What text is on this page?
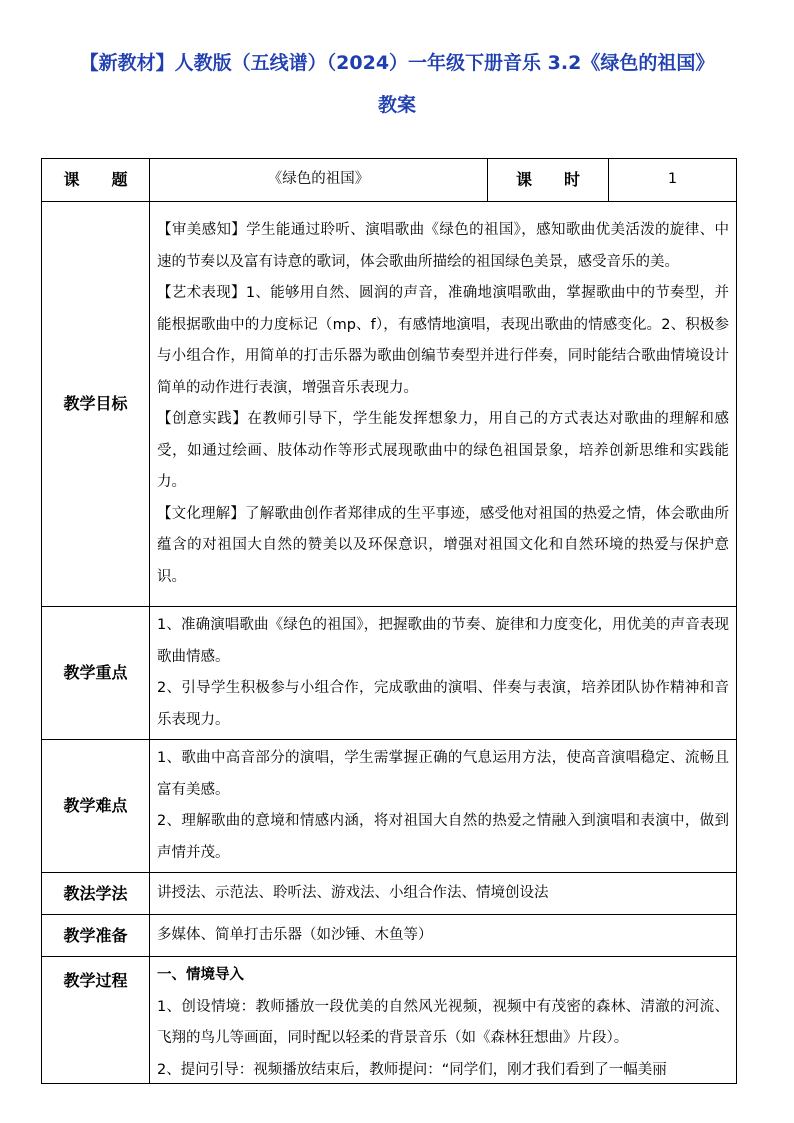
【新教材】人教版（五线谱）（2024）一年级下册音乐 3.2《绿色的祖国》
教案
课　　题	《绿色的祖国》	课　　时	1
教学目标	【审美感知】学生能通过聆听、演唱歌曲《绿色的祖国》，感知歌曲优美活泼的旋律、中速的节奏以及富有诗意的歌词，体会歌曲所描绘的祖国绿色美景，感受音乐的美。

【艺术表现】1、能够用自然、圆润的声音，准确地演唱歌曲，掌握歌曲中的节奏型，并能根据歌曲中的力度标记（mp、f），有感情地演唱，表现出歌曲的情感变化。2、积极参与小组合作，用简单的打击乐器为歌曲创编节奏型并进行伴奏，同时能结合歌曲情境设计简单的动作进行表演，增强音乐表现力。

【创意实践】在教师引导下，学生能发挥想象力，用自己的方式表达对歌曲的理解和感受，如通过绘画、肢体动作等形式展现歌曲中的绿色祖国景象，培养创新思维和实践能力。

【文化理解】了解歌曲创作者郑律成的生平事迹，感受他对祖国的热爱之情，体会歌曲所蕴含的对祖国大自然的赞美以及环保意识，增强对祖国文化和自然环境的热爱与保护意识。		

教学重点	1、准确演唱歌曲《绿色的祖国》，把握歌曲的节奏、旋律和力度变化，用优美的声音表现歌曲情感。

2、引导学生积极参与小组合作，完成歌曲的演唱、伴奏与表演，培养团队协作精神和音乐表现力。		

教学难点	1、歌曲中高音部分的演唱，学生需掌握正确的气息运用方法，使高音演唱稳定、流畅且富有美感。

2、理解歌曲的意境和情感内涵，将对祖国大自然的热爱之情融入到演唱和表演中，做到声情并茂。		

教法学法	讲授法、示范法、聆听法、游戏法、小组合作法、情境创设法		
教学准备	多媒体、简单打击乐器（如沙锤、木鱼等）		
教学过程	一、情境导入

1、创设情境：教师播放一段优美的自然风光视频，视频中有茂密的森林、清澈的河流、飞翔的鸟儿等画面，同时配以轻柔的背景音乐（如《森林狂想曲》片段）。

2、提问引导：视频播放结束后，教师提问：“同学们，刚才我们看到了一幅美丽		
